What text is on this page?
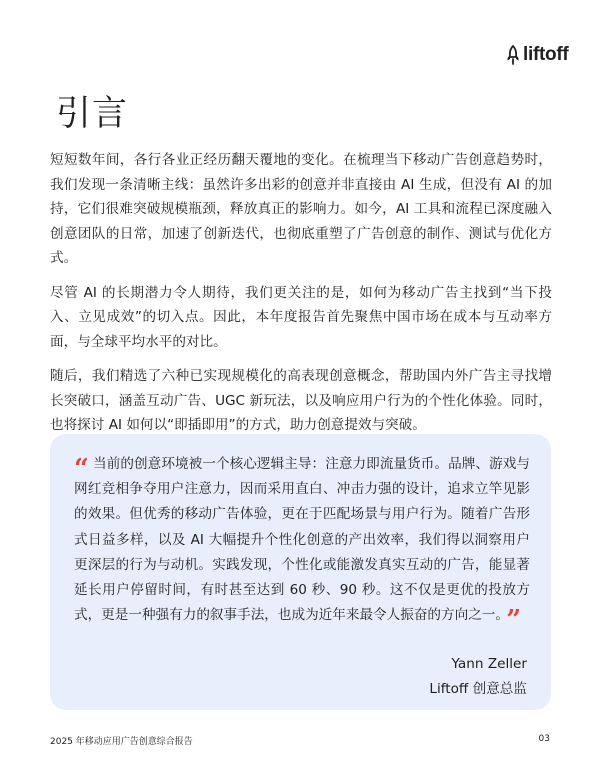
liftoff
引言

短短数年间，各行各业正经历翻天覆地的变化。在梳理当下移动广告创意趋势时，我们发现一条清晰主线：虽然许多出彩的创意并非直接由 AI 生成，但没有 AI 的加持，它们很难突破规模瓶颈，释放真正的影响力。如今，AI 工具和流程已深度融入创意团队的日常，加速了创新迭代，也彻底重塑了广告创意的制作、测试与优化方式。

尽管 AI 的长期潜力令人期待，我们更关注的是，如何为移动广告主找到“当下投入、立见成效”的切入点。因此，本年度报告首先聚焦中国市场在成本与互动率方面，与全球平均水平的对比。

随后，我们精选了六种已实现规模化的高表现创意概念，帮助国内外广告主寻找增长突破口，涵盖互动广告、UGC 新玩法，以及响应用户行为的个性化体验。同时，也将探讨 AI 如何以“即插即用”的方式，助力创意提效与突破。

“ 当前的创意环境被一个核心逻辑主导：注意力即流量货币。品牌、游戏与网红竞相争夺用户注意力，因而采用直白、冲击力强的设计，追求立竿见影的效果。但优秀的移动广告体验，更在于匹配场景与用户行为。随着广告形式日益多样，以及 AI 大幅提升个性化创意的产出效率，我们得以洞察用户更深层的行为与动机。实践发现，个性化或能激发真实互动的广告，能显著延长用户停留时间，有时甚至达到 60 秒、90 秒。这不仅是更优的投放方式，更是一种强有力的叙事手法，也成为近年来最令人振奋的方向之一。 ”

Yann Zeller
Liftoff 创意总监
2025 年移动应用广告创意综合报告	03
